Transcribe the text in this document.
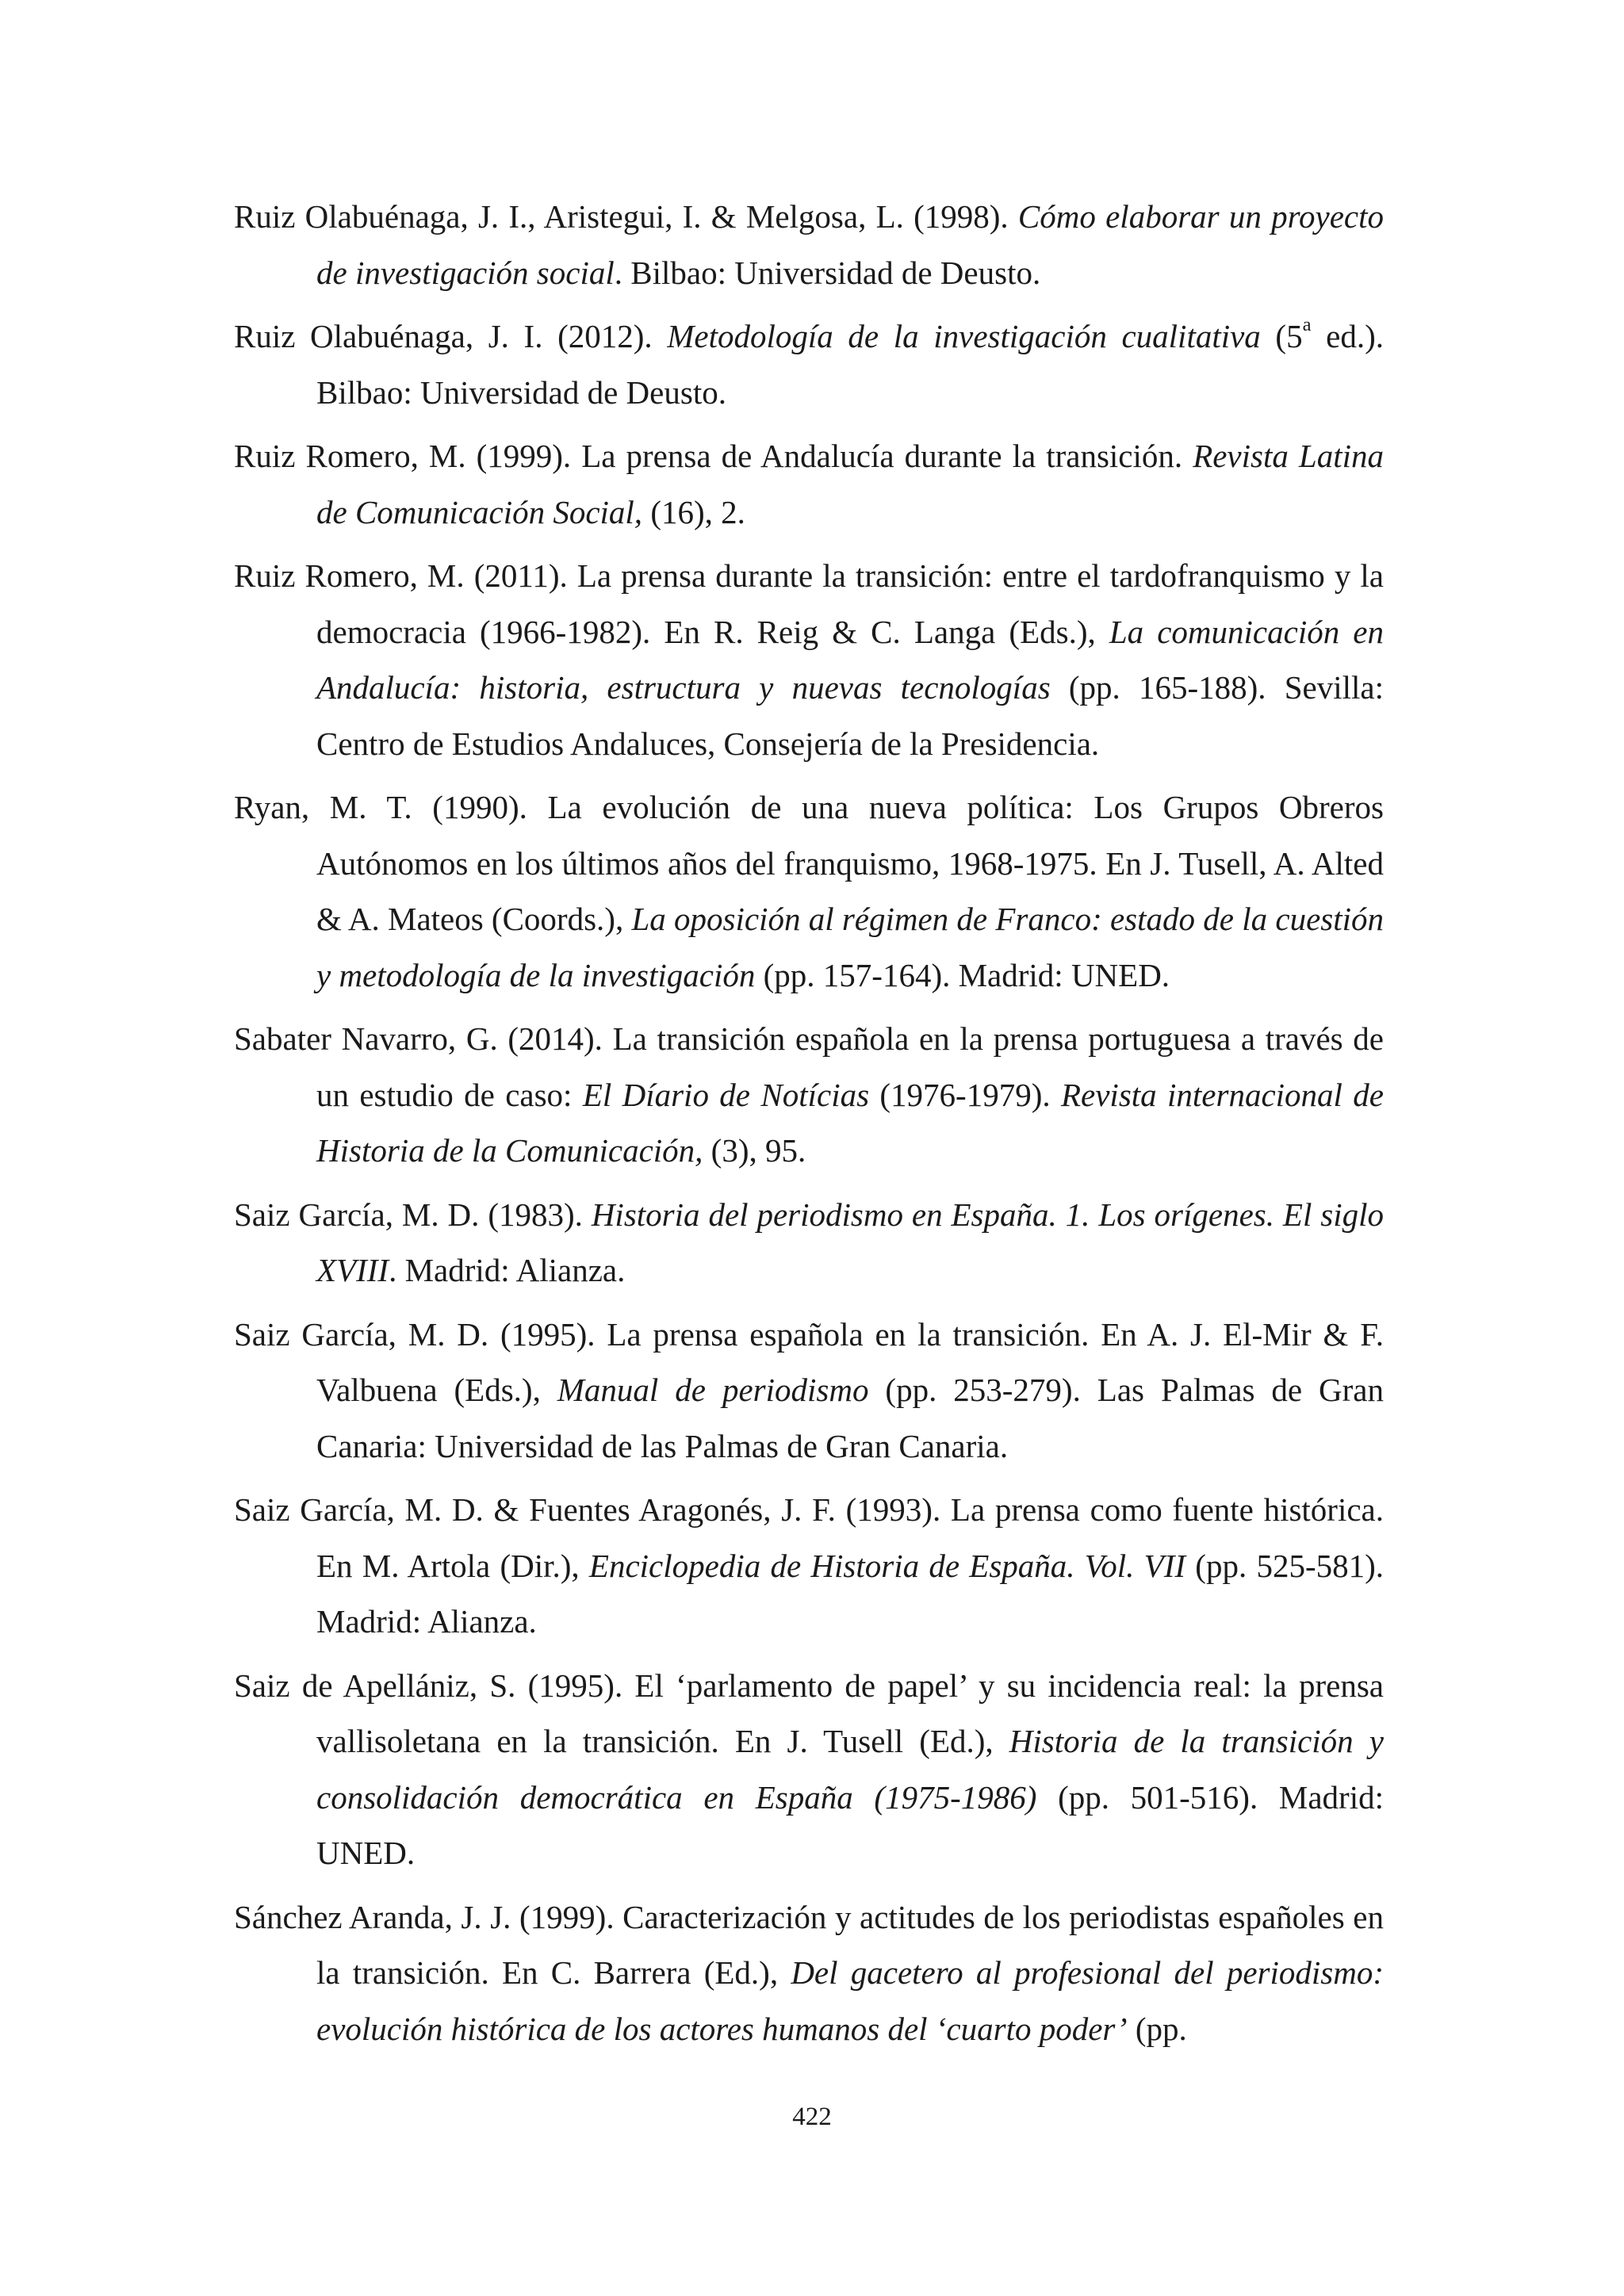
Ruiz Olabuénaga, J. I., Aristegui, I. & Melgosa, L. (1998). Cómo elaborar un proyecto de investigación social. Bilbao: Universidad de Deusto.

Ruiz Olabuénaga, J. I. (2012). Metodología de la investigación cualitativa (5$^a$ ed.). Bilbao: Universidad de Deusto.

Ruiz Romero, M. (1999). La prensa de Andalucía durante la transición. Revista Latina de Comunicación Social, (16), 2.

Ruiz Romero, M. (2011). La prensa durante la transición: entre el tardofranquismo y la democracia (1966-1982). En R. Reig & C. Langa (Eds.), La comunicación en Andalucía: historia, estructura y nuevas tecnologías (pp. 165-188). Sevilla: Centro de Estudios Andaluces, Consejería de la Presidencia.

Ryan, M. T. (1990). La evolución de una nueva política: Los Grupos Obreros Autónomos en los últimos años del franquismo, 1968-1975. En J. Tusell, A. Alted & A. Mateos (Coords.), La oposición al régimen de Franco: estado de la cuestión y metodología de la investigación (pp. 157-164). Madrid: UNED.

Sabater Navarro, G. (2014). La transición española en la prensa portuguesa a través de un estudio de caso: El Díario de Notícias (1976-1979). Revista internacional de Historia de la Comunicación, (3), 95.

Saiz García, M. D. (1983). Historia del periodismo en España. 1. Los orígenes. El siglo XVIII. Madrid: Alianza.

Saiz García, M. D. (1995). La prensa española en la transición. En A. J. El-Mir & F. Valbuena (Eds.), Manual de periodismo (pp. 253-279). Las Palmas de Gran Canaria: Universidad de las Palmas de Gran Canaria.

Saiz García, M. D. & Fuentes Aragonés, J. F. (1993). La prensa como fuente histórica. En M. Artola (Dir.), Enciclopedia de Historia de España. Vol. VII (pp. 525-581). Madrid: Alianza.

Saiz de Apellániz, S. (1995). El ‘parlamento de papel’ y su incidencia real: la prensa vallisoletana en la transición. En J. Tusell (Ed.), Historia de la transición y consolidación democrática en España (1975-1986) (pp. 501-516). Madrid: UNED.

Sánchez Aranda, J. J. (1999). Caracterización y actitudes de los periodistas españoles en la transición. En C. Barrera (Ed.), Del gacetero al profesional del periodismo: evolución histórica de los actores humanos del ‘cuarto poder’ (pp.

422
